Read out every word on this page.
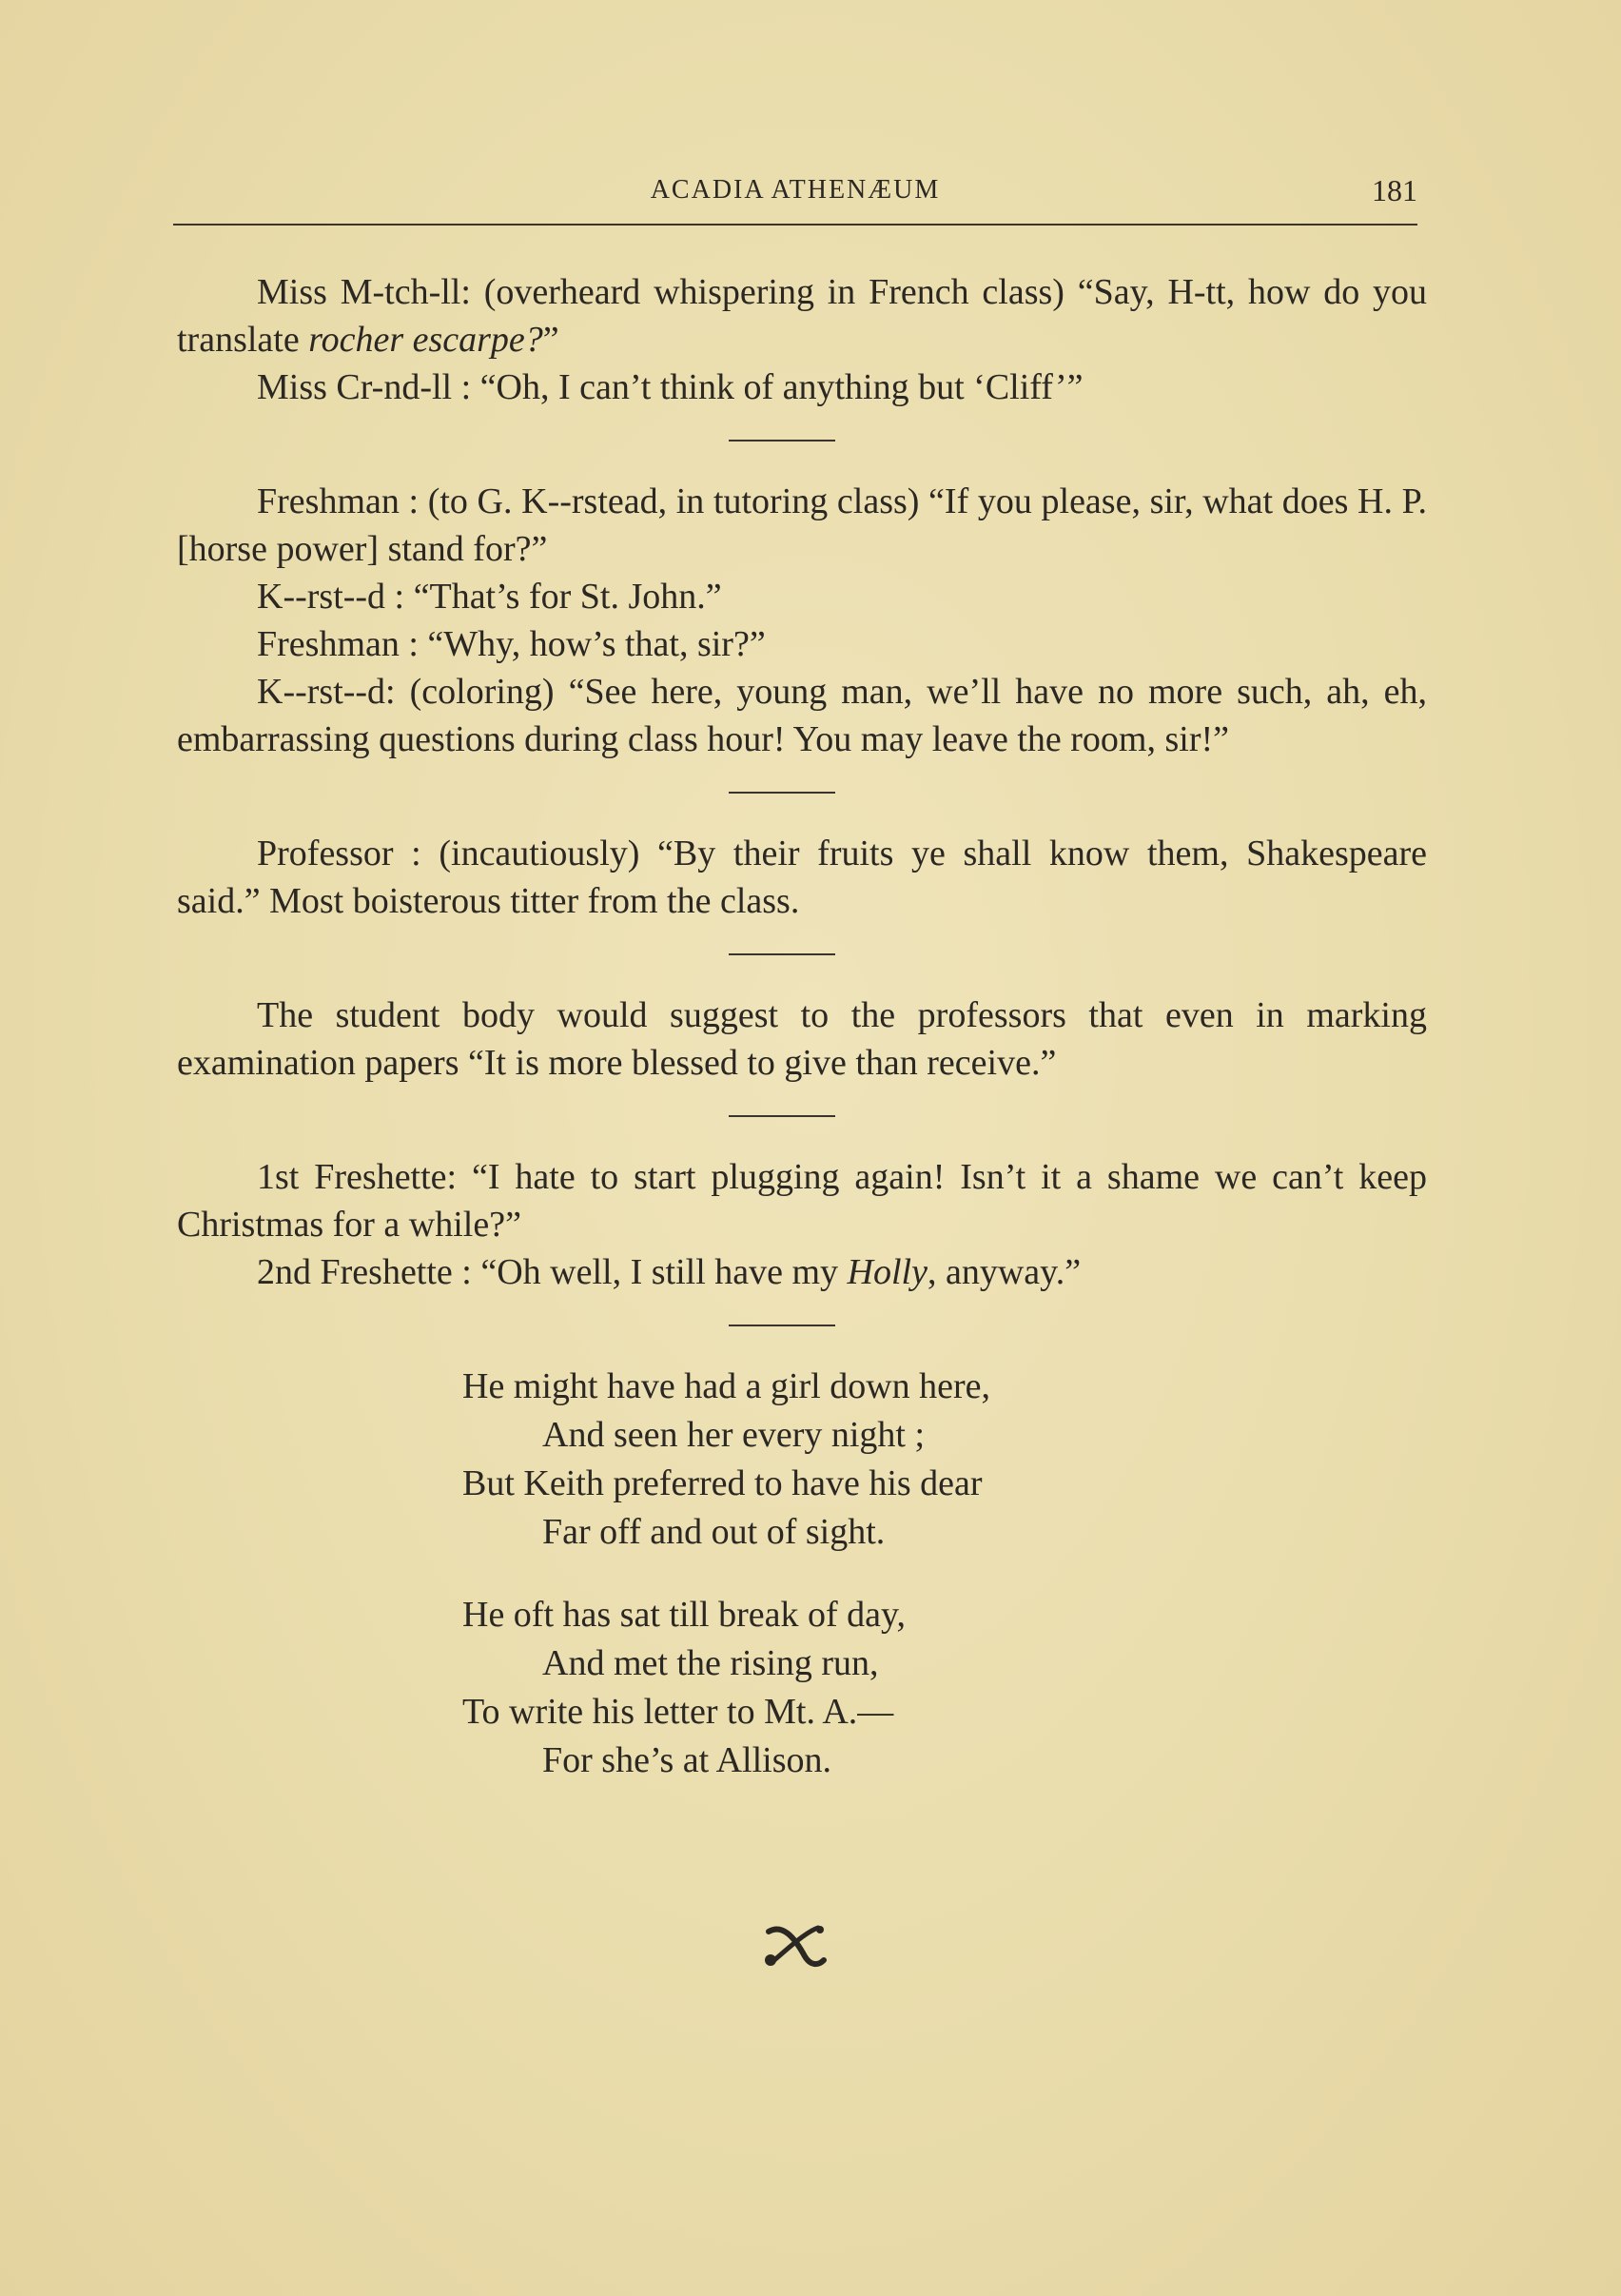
ACADIA ATHENÆUM	181

Miss M-tch-ll: (overheard whispering in French class) “Say, H-tt, how do you translate rocher escarpe?”

Miss Cr-nd-ll : “Oh, I can’t think of anything but ‘Cliff’”

Freshman : (to G. K--rstead, in tutoring class) “If you please, sir, what does H. P. [horse power] stand for?”

K--rst--d : “That’s for St. John.”

Freshman : “Why, how’s that, sir?”

K--rst--d: (coloring) “See here, young man, we’ll have no more such, ah, eh, embarrassing questions during class hour! You may leave the room, sir!”

Professor : (incautiously) “By their fruits ye shall know them, Shakespeare said.” Most boisterous titter from the class.

The student body would suggest to the professors that even in marking examination papers “It is more blessed to give than receive.”

1st Freshette: “I hate to start plugging again! Isn’t it a shame we can’t keep Christmas for a while?”

2nd Freshette : “Oh well, I still have my Holly, anyway.”

He might have had a girl down here,
And seen her every night ;
But Keith preferred to have his dear
Far off and out of sight.
He oft has sat till break of day,
And met the rising run,
To write his letter to Mt. A.—
For she’s at Allison.
